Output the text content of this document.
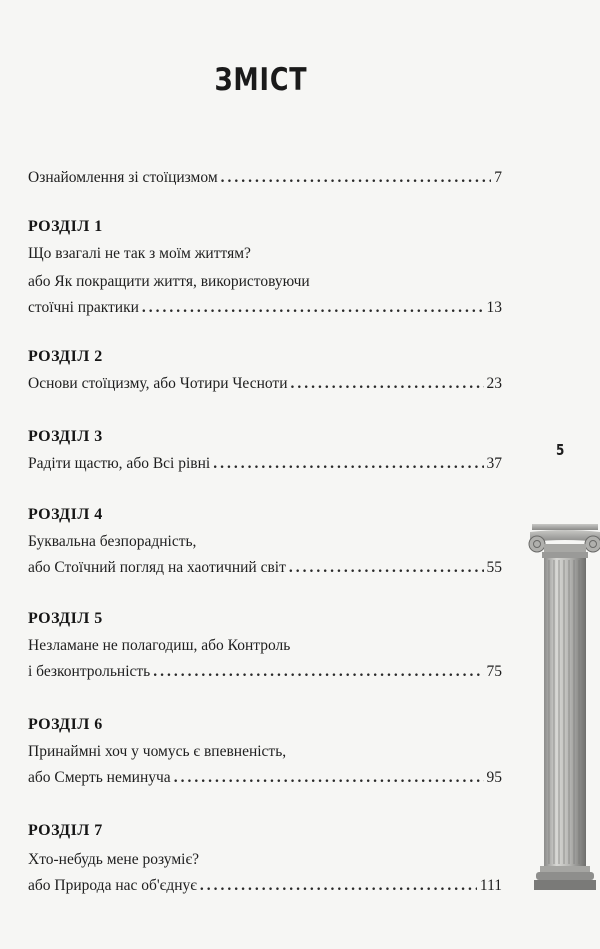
ЗМІСТ
Ознайомлення зі стоїцизмом .....	7
РОЗДІЛ 1
Що взагалі не так з моїм життям?
або Як покращити життя, використовуючи
стоїчні практики .....	13
РОЗДІЛ 2
Основи стоїцизму, або Чотири Чесноти .....	23
РОЗДІЛ 3
Радіти щастю, або Всі рівні .....	37
РОЗДІЛ 4
Буквальна безпорадність,
або Стоїчний погляд на хаотичний світ .....	55
РОЗДІЛ 5
Незламане не полагодиш, або Контроль
і безконтрольність .....	75
РОЗДІЛ 6
Принаймні хоч у чомусь є впевненість,
або Смерть неминуча .....	95
РОЗДІЛ 7
Хто-небудь мене розуміє?
або Природа нас об'єднує .....	111
5
